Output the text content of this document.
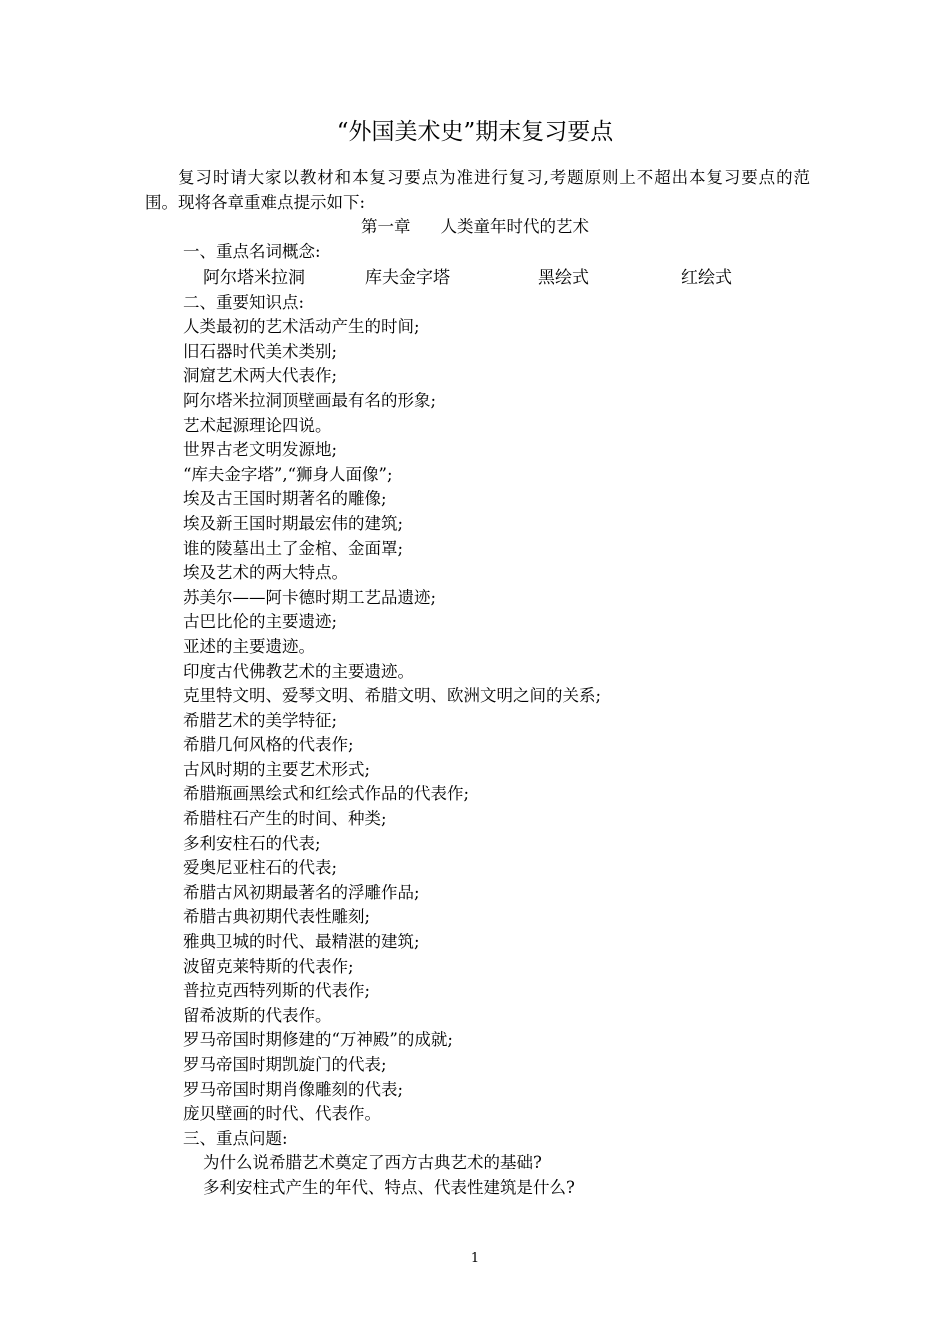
“外国美术史”期末复习要点

复习时请大家以教材和本复习要点为准进行复习,考题原则上不超出本复习要点的范围。现将各章重难点提示如下:

第一章 人类童年时代的艺术

一、重点名词概念:

阿尔塔米拉洞	库夫金字塔	黑绘式	红绘式

二、重要知识点:

人类最初的艺术活动产生的时间;

旧石器时代美术类别;

洞窟艺术两大代表作;

阿尔塔米拉洞顶壁画最有名的形象;

艺术起源理论四说。

世界古老文明发源地;

“库夫金字塔”,“狮身人面像”;

埃及古王国时期著名的雕像;

埃及新王国时期最宏伟的建筑;

谁的陵墓出土了金棺、金面罩;

埃及艺术的两大特点。

苏美尔——阿卡德时期工艺品遗迹;

古巴比伦的主要遗迹;

亚述的主要遗迹。

印度古代佛教艺术的主要遗迹。

克里特文明、爱琴文明、希腊文明、欧洲文明之间的关系;

希腊艺术的美学特征;

希腊几何风格的代表作;

古风时期的主要艺术形式;

希腊瓶画黑绘式和红绘式作品的代表作;

希腊柱石产生的时间、种类;

多利安柱石的代表;

爱奥尼亚柱石的代表;

希腊古风初期最著名的浮雕作品;

希腊古典初期代表性雕刻;

雅典卫城的时代、最精湛的建筑;

波留克莱特斯的代表作;

普拉克西特列斯的代表作;

留希波斯的代表作。

罗马帝国时期修建的“万神殿”的成就;

罗马帝国时期凯旋门的代表;

罗马帝国时期肖像雕刻的代表;

庞贝壁画的时代、代表作。

三、重点问题:

为什么说希腊艺术奠定了西方古典艺术的基础?

多利安柱式产生的年代、特点、代表性建筑是什么?

1
